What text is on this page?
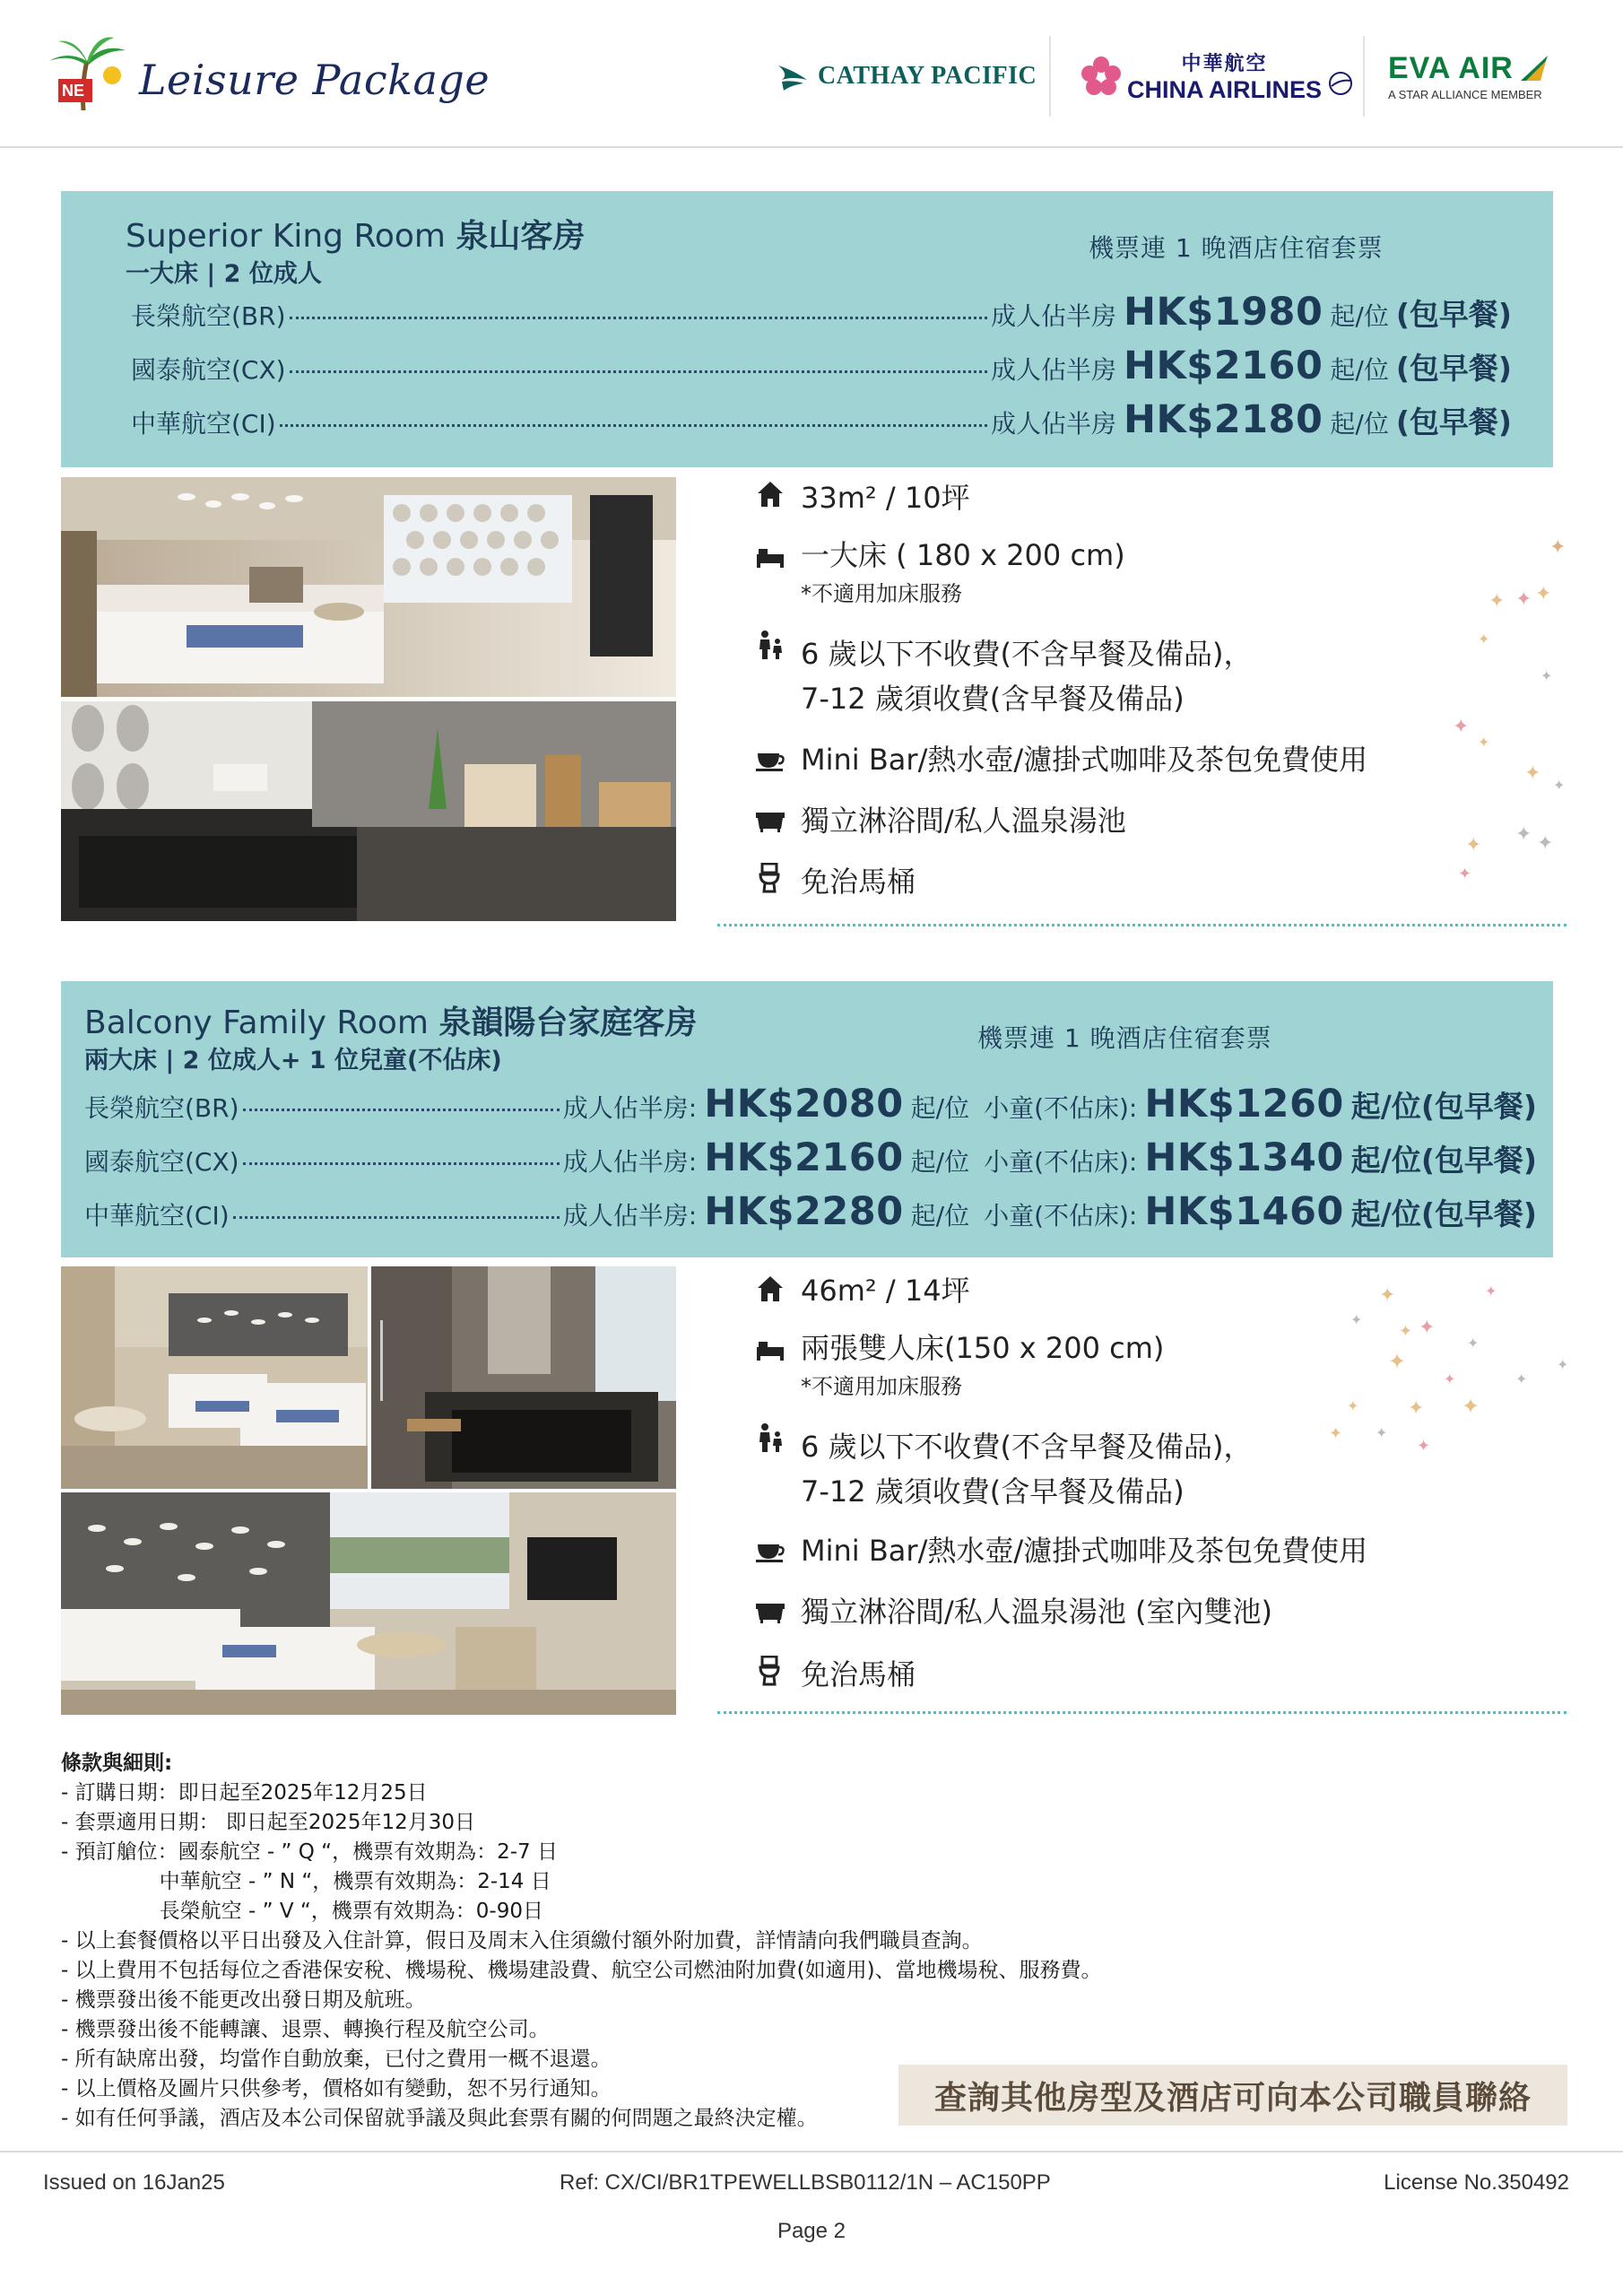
NE Leisure Package	CATHAY PACIFIC	中華航空
CHINA AIRLINES
EVA AIR
A STAR ALLIANCE MEMBER
Superior King Room 泉山客房
一大床 | 2 位成人
機票連 1 晚酒店住宿套票
長榮航空(BR)	成人佔半房 HK$1980 起/位 (包早餐)
國泰航空(CX)	成人佔半房 HK$2160 起/位 (包早餐)
中華航空(CI)	成人佔半房 HK$2180 起/位 (包早餐)
33m² / 10坪
一大床 ( 180 x 200 cm)
*不適用加床服務
6 歲以下不收費(不含早餐及備品)，
7-12 歲須收費(含早餐及備品)
Mini Bar/熱水壺/濾掛式咖啡及茶包免費使用
獨立淋浴間/私人溫泉湯池
免治馬桶
✦
✦ ✦ ✦
✦
✦
✦
✦
✦
✦
✦ ✦ ✦
✦
Balcony Family Room 泉韻陽台家庭客房
兩大床 | 2 位成人+ 1 位兒童(不佔床)
機票連 1 晚酒店住宿套票
長榮航空(BR)	成人佔半房: HK$2080 起/位 小童(不佔床): HK$1260 起/位(包早餐)
國泰航空(CX)	成人佔半房: HK$2160 起/位 小童(不佔床): HK$1340 起/位(包早餐)
中華航空(CI)	成人佔半房: HK$2280 起/位 小童(不佔床): HK$1460 起/位(包早餐)
46m² / 14坪
兩張雙人床(150 x 200 cm)
*不適用加床服務
6 歲以下不收費(不含早餐及備品)，
7-12 歲須收費(含早餐及備品)
Mini Bar/熱水壺/濾掛式咖啡及茶包免費使用
獨立淋浴間/私人溫泉湯池 (室內雙池)
免治馬桶
✦	✦
✦
✦ ✦
✦
✦
✦
✦	✦
✦ ✦ ✦
✦ ✦
✦
條款與細則:
- 訂購日期：即日起至2025年12月25日
- 套票適用日期： 即日起至2025年12月30日
- 預訂艙位：國泰航空 - ” Q “，機票有效期為：2-7 日
中華航空 - ” N “，機票有效期為：2-14 日
長榮航空 - ” V “，機票有效期為：0-90日
- 以上套餐價格以平日出發及入住計算，假日及周末入住須繳付額外附加費，詳情請向我們職員查詢。
- 以上費用不包括每位之香港保安稅、機場稅、機場建設費、航空公司燃油附加費(如適用)、當地機場稅、服務費。
- 機票發出後不能更改出發日期及航班。
- 機票發出後不能轉讓、退票、轉換行程及航空公司。
- 所有缺席出發，均當作自動放棄，已付之費用一概不退還。
- 以上價格及圖片只供參考，價格如有變動，恕不另行通知。
- 如有任何爭議，酒店及本公司保留就爭議及與此套票有關的何問題之最終決定權。
查詢其他房型及酒店可向本公司職員聯絡
Issued on 16Jan25	Ref: CX/CI/BR1TPEWELLBSB0112/1N – AC150PP	License No.350492
Page 2
